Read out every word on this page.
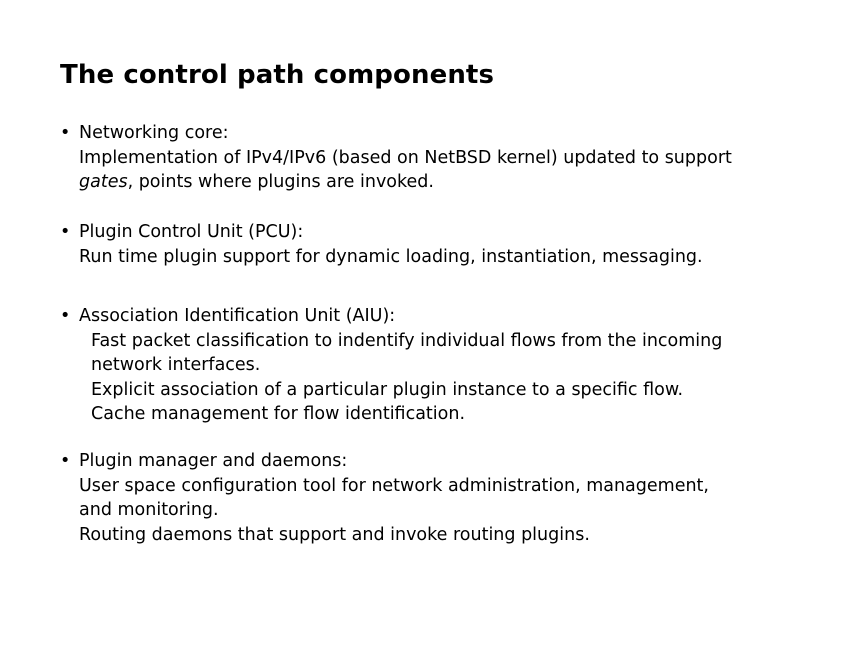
The control path components
• Networking core:
Implementation of IPv4/IPv6 (based on NetBSD kernel) updated to support
gates, points where plugins are invoked.
• Plugin Control Unit (PCU):
Run time plugin support for dynamic loading, instantiation, messaging.
• Association Identification Unit (AIU):
Fast packet classification to indentify individual flows from the incoming
network interfaces.
Explicit association of a particular plugin instance to a specific flow.
Cache management for flow identification.
• Plugin manager and daemons:
User space configuration tool for network administration, management,
and monitoring.
Routing daemons that support and invoke routing plugins.
